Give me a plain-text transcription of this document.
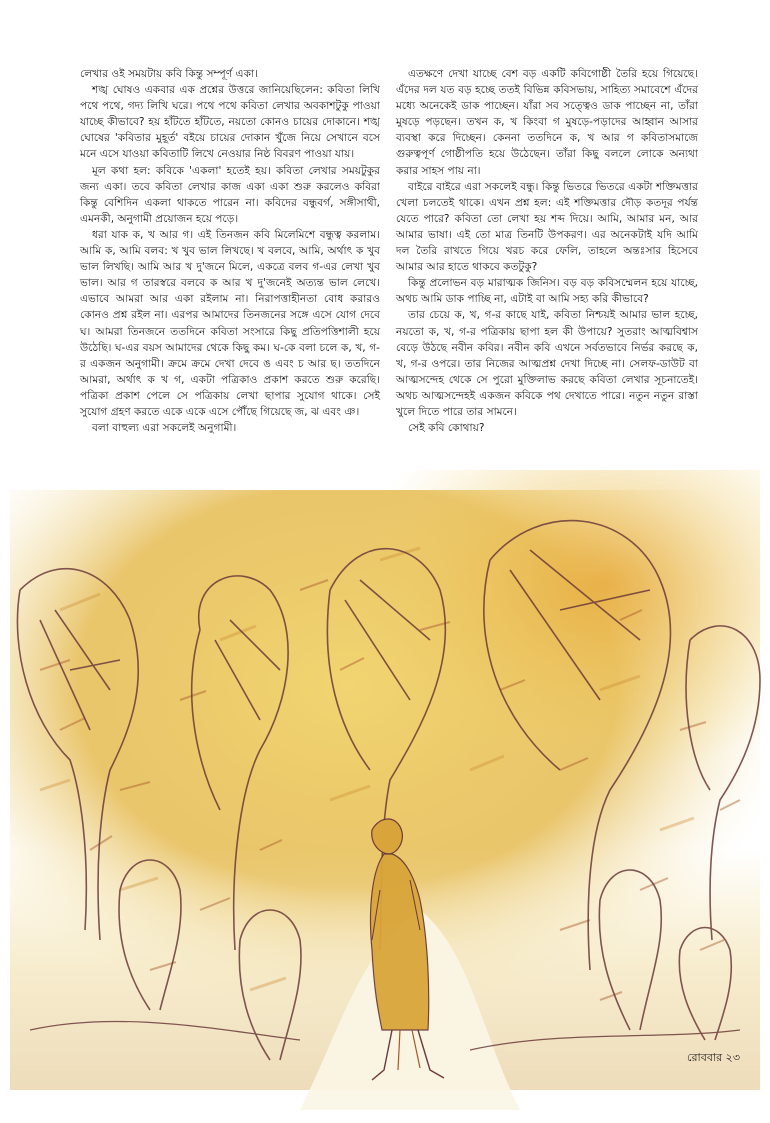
লেখার ওই সময়টায় কবি কিন্তু সম্পূর্ণ একা।

শঙ্খ ঘোষও একবার এক প্রশ্নের উত্তরে জানিয়েছিলেন: কবিতা লিখি পথে পথে, গদ্য লিখি ঘরে। পথে পথে কবিতা লেখার অবকাশটুকু পাওয়া যাচ্ছে কীভাবে? হয় হাঁটতে হাঁটতে, নয়তো কোনও চায়ের দোকানে। শঙ্খ ঘোষের 'কবিতার মুহূর্ত' বইয়ে চায়ের দোকান খুঁজে নিয়ে সেখানে বসে মনে এসে যাওয়া কবিতাটি লিখে নেওয়ার নিষ্ঠ বিবরণ পাওয়া যায়।

মূল কথা হল: কবিকে 'একলা' হতেই হয়। কবিতা লেখার সময়টুকুর জন্য একা। তবে কবিতা লেখার কাজ একা একা শুরু করলেও কবিরা কিন্তু বেশিদিন একলা থাকতে পারেন না। কবিদের বন্ধুবর্গ, সঙ্গীসাথী, এমনকী, অনুগামী প্রয়োজন হয়ে পড়ে।

ধরা যাক ক, খ আর গ। এই তিনজন কবি মিলেমিশে বন্ধুত্ব করলাম। আমি ক, আমি বলব: খ খুব ভাল লিখছে। খ বলবে, আমি, অর্থাৎ ক খুব ভাল লিখছি। আমি আর খ দু'জনে মিলে, একত্রে বলব গ-এর লেখা খুব ভাল। আর গ তারস্বরে বলবে ক আর খ দু'জনেই অত্যন্ত ভাল লেখে। এভাবে আমরা আর একা রইলাম না। নিরাপত্তাহীনতা বোধ করারও কোনও প্রশ্ন রইল না। এরপর আমাদের তিনজনের সঙ্গে এসে যোগ দেবে ঘ। আমরা তিনজনে ততদিনে কবিতা সংসারে কিছু প্রতিপত্তিশালী হয়ে উঠেছি। ঘ-এর বয়স আমাদের থেকে কিছু কম। ঘ-কে বলা চলে ক, খ, গ-র একজন অনুগামী। ক্রমে ক্রমে দেখা দেবে ঙ এবং চ আর ছ। ততদিনে আমরা, অর্থাৎ ক খ গ, একটা পত্রিকাও প্রকাশ করতে শুরু করেছি। পত্রিকা প্রকাশ পেলে সে পত্রিকায় লেখা ছাপার সুযোগ থাকে। সেই সুযোগ গ্রহণ করতে একে একে এসে পৌঁছে গিয়েছে জ, ঝ এবং ঞ।

বলা বাহুল্য এরা সকলেই অনুগামী।

এতক্ষণে দেখা যাচ্ছে বেশ বড় একটি কবিগোষ্ঠী তৈরি হয়ে গিয়েছে। এঁদের দল যত বড় হচ্ছে ততই বিভিন্ন কবিসভায়, সাহিত্য সমাবেশে এঁদের মধ্যে অনেকেই ডাক পাচ্ছেন। যাঁরা সব সত্ত্বেও ডাক পাচ্ছেন না, তাঁরা মুষড়ে পড়ছেন। তখন ক, খ কিংবা গ মুষড়ে-পড়াদের আহ্বান আসার ব্যবস্থা করে দিচ্ছেন। কেননা ততদিনে ক, খ আর গ কবিতাসমাজে গুরুত্বপূর্ণ গোষ্ঠীপতি হয়ে উঠেছেন। তাঁরা কিছু বললে লোকে অন্যথা করার সাহস পায় না।

বাইরে বাইরে এরা সকলেই বন্ধু। কিন্তু ভিতরে ভিতরে একটা শক্তিমত্তার খেলা চলতেই থাকে। এখন প্রশ্ন হল: এই শক্তিমত্তার দৌড় কতদূর পর্যন্ত যেতে পারে? কবিতা তো লেখা হয় শব্দ দিয়ে। আমি, আমার মন, আর আমার ভাষা। এই তো মাত্র তিনটি উপকরণ। এর অনেকটাই যদি আমি দল তৈরি রাখতে গিয়ে খরচ করে ফেলি, তাহলে অন্তঃসার হিসেবে আমার আর হাতে থাকবে কতটুকু?

কিন্তু প্রলোভন বড় মারাত্মক জিনিস। বড় বড় কবিসম্মেলন হয়ে যাচ্ছে, অথচ আমি ডাক পাচ্ছি না, এটাই বা আমি সহ্য করি কীভাবে?

তার চেয়ে ক, খ, গ-র কাছে যাই, কবিতা নিশ্চয়ই আমার ভাল হচ্ছে, নয়তো ক, খ, গ-র পত্রিকায় ছাপা হল কী উপায়ে? সুতরাং আত্মবিশ্বাস বেড়ে উঠছে নবীন কবির। নবীন কবি এখনে সর্বতভাবে নির্ভর করছে ক, খ, গ-র ওপরে। তার নিজের আত্মপ্রশ্ন দেখা দিচ্ছে না। সেলফ-ডাউট বা আত্মসন্দেহ থেকে সে পুরো মুক্তিলাভ করছে কবিতা লেখার সূচনাতেই। অথচ আত্মসন্দেহই একজন কবিকে পথ দেখাতে পারে। নতুন নতুন রাস্তা খুলে দিতে পারে তার সামনে।

সেই কবি কোথায়?

রোববার ২৩
